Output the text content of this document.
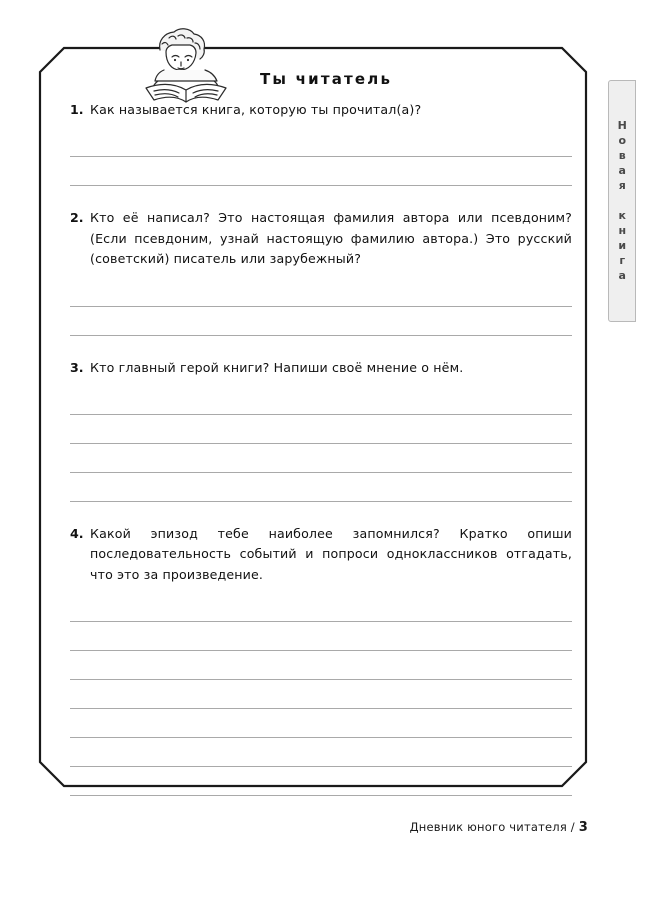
Новая книга
Ты читатель
1. Как называется книга, которую ты прочитал(а)?
2. Кто её написал? Это настоящая фамилия автора или псевдоним? (Если псевдоним, узнай настоящую фамилию автора.) Это русский (советский) писатель или зарубежный?
3. Кто главный герой книги? Напиши своё мнение о нём.
4. Какой эпизод тебе наиболее запомнился? Кратко опиши последовательность событий и попроси одноклассников отгадать, что это за произведение.
Дневник юного читателя / 3
